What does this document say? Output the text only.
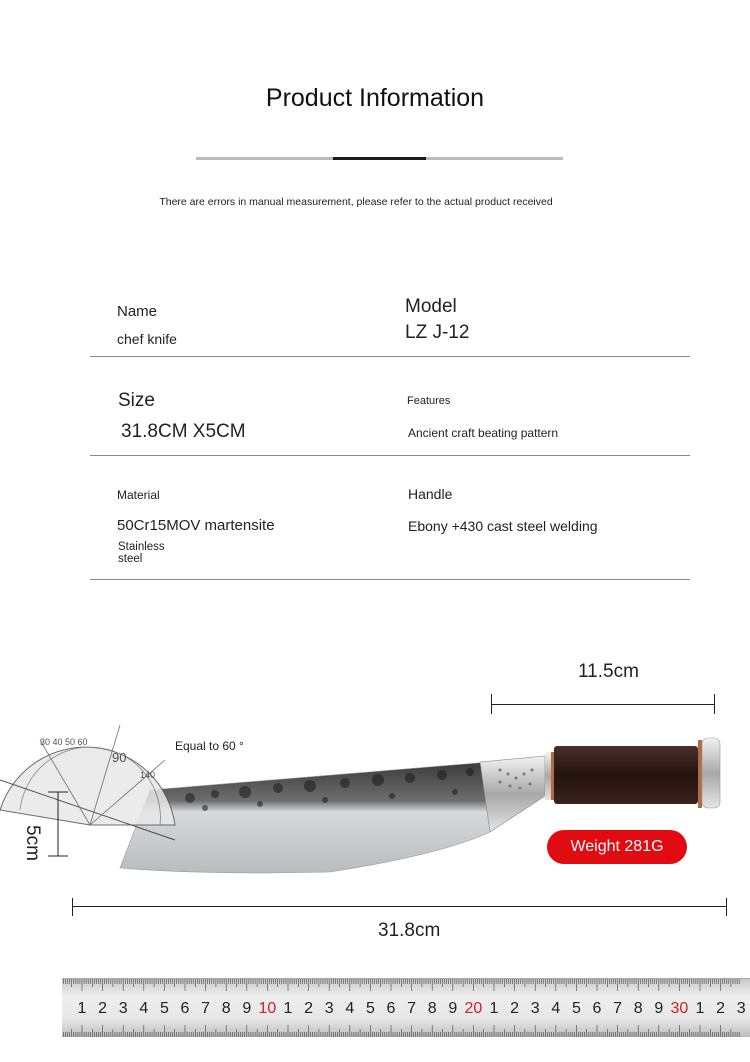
Product Information
There are errors in manual measurement, please refer to the actual product received
Name
chef knife
Model
LZ J-12
Size
31.8CM X5CM
Features
Ancient craft beating pattern
Material
50Cr15MOV martensite
Stainless steel
Handle
Ebony +430 cast steel welding
11.5cm
90
30 40 50 60
140
Equal to 60 °
5cm	Weight 281G
31.8cm
1 2 3 4 5 6 7 8 9 10 1 2 3 4 5 6 7 8 9 20 1 2 3 4 5 6 7 8 9 30 1 2 3
